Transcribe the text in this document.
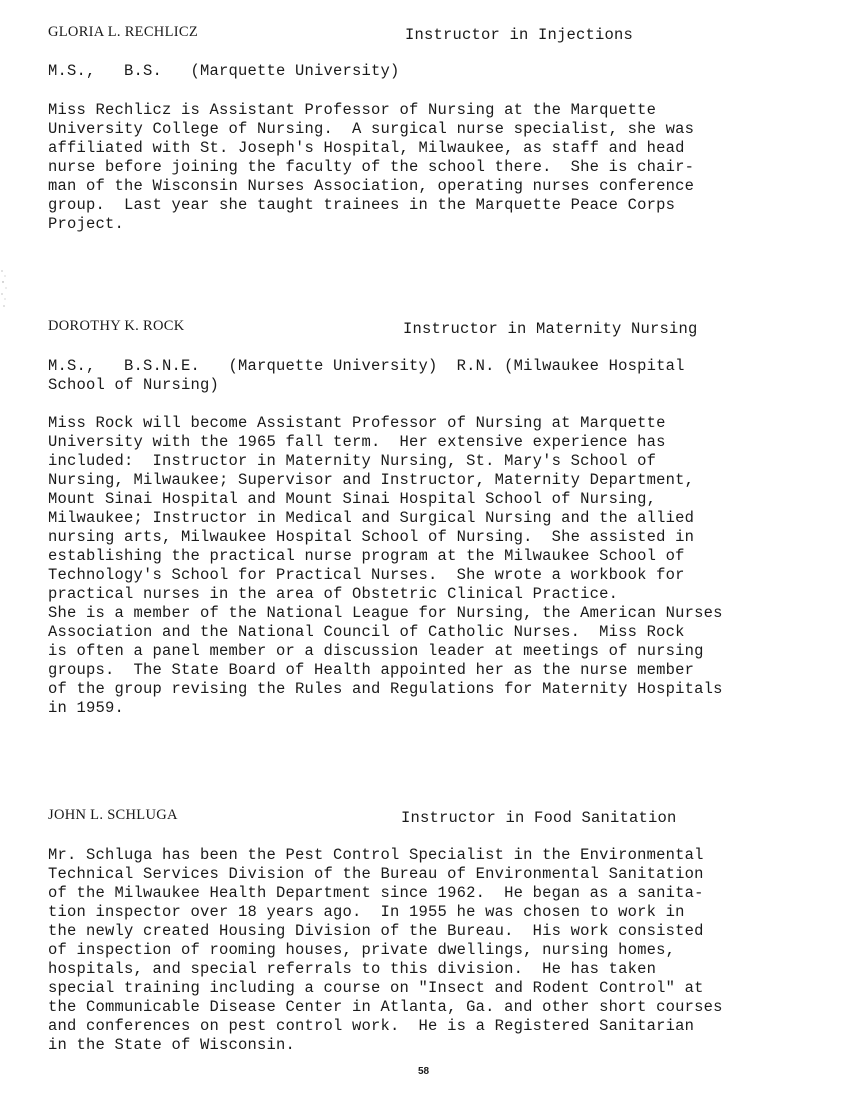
GLORIA L. RECHLICZ	Instructor in Injections
M.S.,   B.S.   (Marquette University)
Miss Rechlicz is Assistant Professor of Nursing at the Marquette
University College of Nursing.  A surgical nurse specialist, she was
affiliated with St. Joseph's Hospital, Milwaukee, as staff and head
nurse before joining the faculty of the school there.  She is chair-
man of the Wisconsin Nurses Association, operating nurses conference
group.  Last year she taught trainees in the Marquette Peace Corps
Project.
DOROTHY K. ROCK	Instructor in Maternity Nursing
M.S.,   B.S.N.E.   (Marquette University)  R.N. (Milwaukee Hospital
School of Nursing)
Miss Rock will become Assistant Professor of Nursing at Marquette
University with the 1965 fall term.  Her extensive experience has
included:  Instructor in Maternity Nursing, St. Mary's School of
Nursing, Milwaukee; Supervisor and Instructor, Maternity Department,
Mount Sinai Hospital and Mount Sinai Hospital School of Nursing,
Milwaukee; Instructor in Medical and Surgical Nursing and the allied
nursing arts, Milwaukee Hospital School of Nursing.  She assisted in
establishing the practical nurse program at the Milwaukee School of
Technology's School for Practical Nurses.  She wrote a workbook for
practical nurses in the area of Obstetric Clinical Practice.
She is a member of the National League for Nursing, the American Nurses
Association and the National Council of Catholic Nurses.  Miss Rock
is often a panel member or a discussion leader at meetings of nursing
groups.  The State Board of Health appointed her as the nurse member
of the group revising the Rules and Regulations for Maternity Hospitals
in 1959.
JOHN L. SCHLUGA	Instructor in Food Sanitation
Mr. Schluga has been the Pest Control Specialist in the Environmental
Technical Services Division of the Bureau of Environmental Sanitation
of the Milwaukee Health Department since 1962.  He began as a sanita-
tion inspector over 18 years ago.  In 1955 he was chosen to work in
the newly created Housing Division of the Bureau.  His work consisted
of inspection of rooming houses, private dwellings, nursing homes,
hospitals, and special referrals to this division.  He has taken
special training including a course on "Insect and Rodent Control" at
the Communicable Disease Center in Atlanta, Ga. and other short courses
and conferences on pest control work.  He is a Registered Sanitarian
in the State of Wisconsin.
58
